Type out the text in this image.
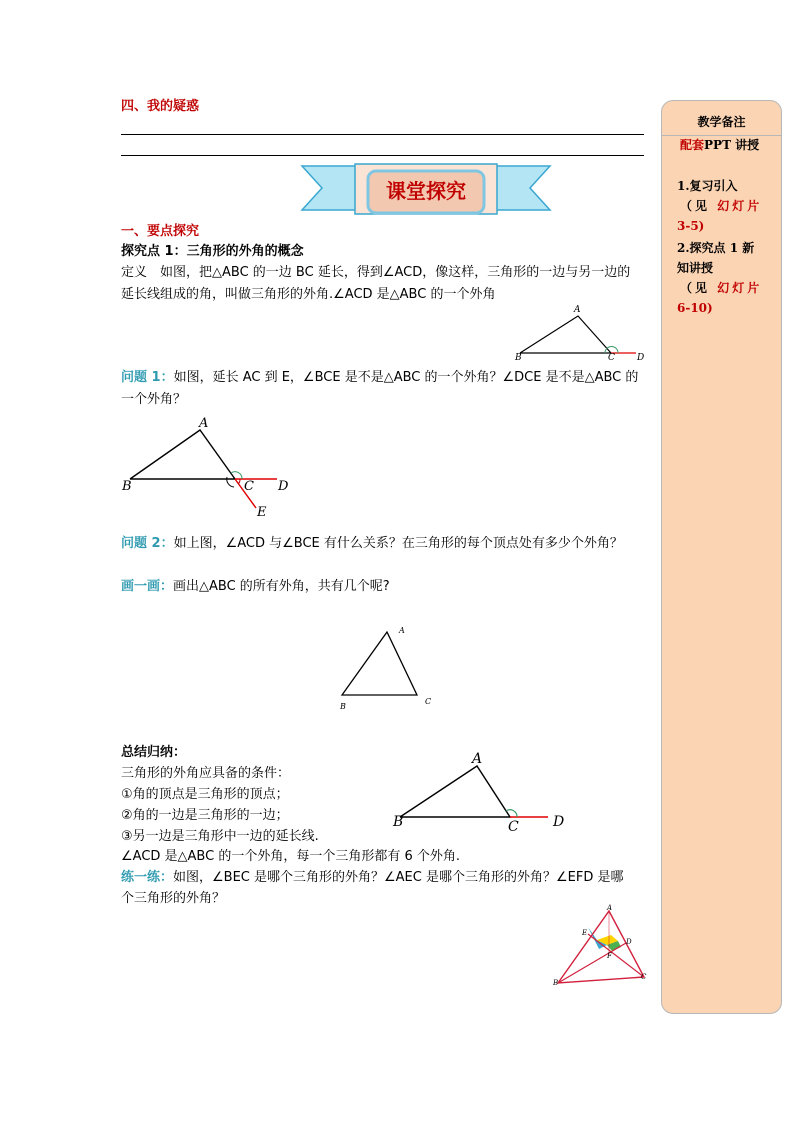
四、我的疑惑
课堂探究
一、要点探究
探究点 1：三角形的外角的概念
定义　如图，把△ABC 的一边 BC 延长，得到∠ACD，像这样，三角形的一边与另一边的
延长线组成的角，叫做三角形的外角.∠ACD 是△ABC 的一个外角
A
B	C D
问题 1：如图，延长 AC 到 E，∠BCE 是不是△ABC 的一个外角？∠DCE 是不是△ABC 的
一个外角？
A
B	C D
E
问题 2：如上图，∠ACD 与∠BCE 有什么关系？在三角形的每个顶点处有多少个外角？
画一画：画出△ABC 的所有外角，共有几个呢?
A
B
C
总结归纳：
三角形的外角应具备的条件：
①角的顶点是三角形的顶点；
②角的一边是三角形的一边；
③另一边是三角形中一边的延长线.
∠ACD 是△ABC 的一个外角，每一个三角形都有 6 个外角.
A
B	C D
练一练：如图，∠BEC 是哪个三角形的外角？∠AEC 是哪个三角形的外角？∠EFD 是哪
个三角形的外角？
A
E
D
F
B
C
教学备注
配套PPT 讲授
1.复习引入
（见 幻灯片
3-5)
2.探究点 1 新
知讲授
（见 幻灯片
6-10)
